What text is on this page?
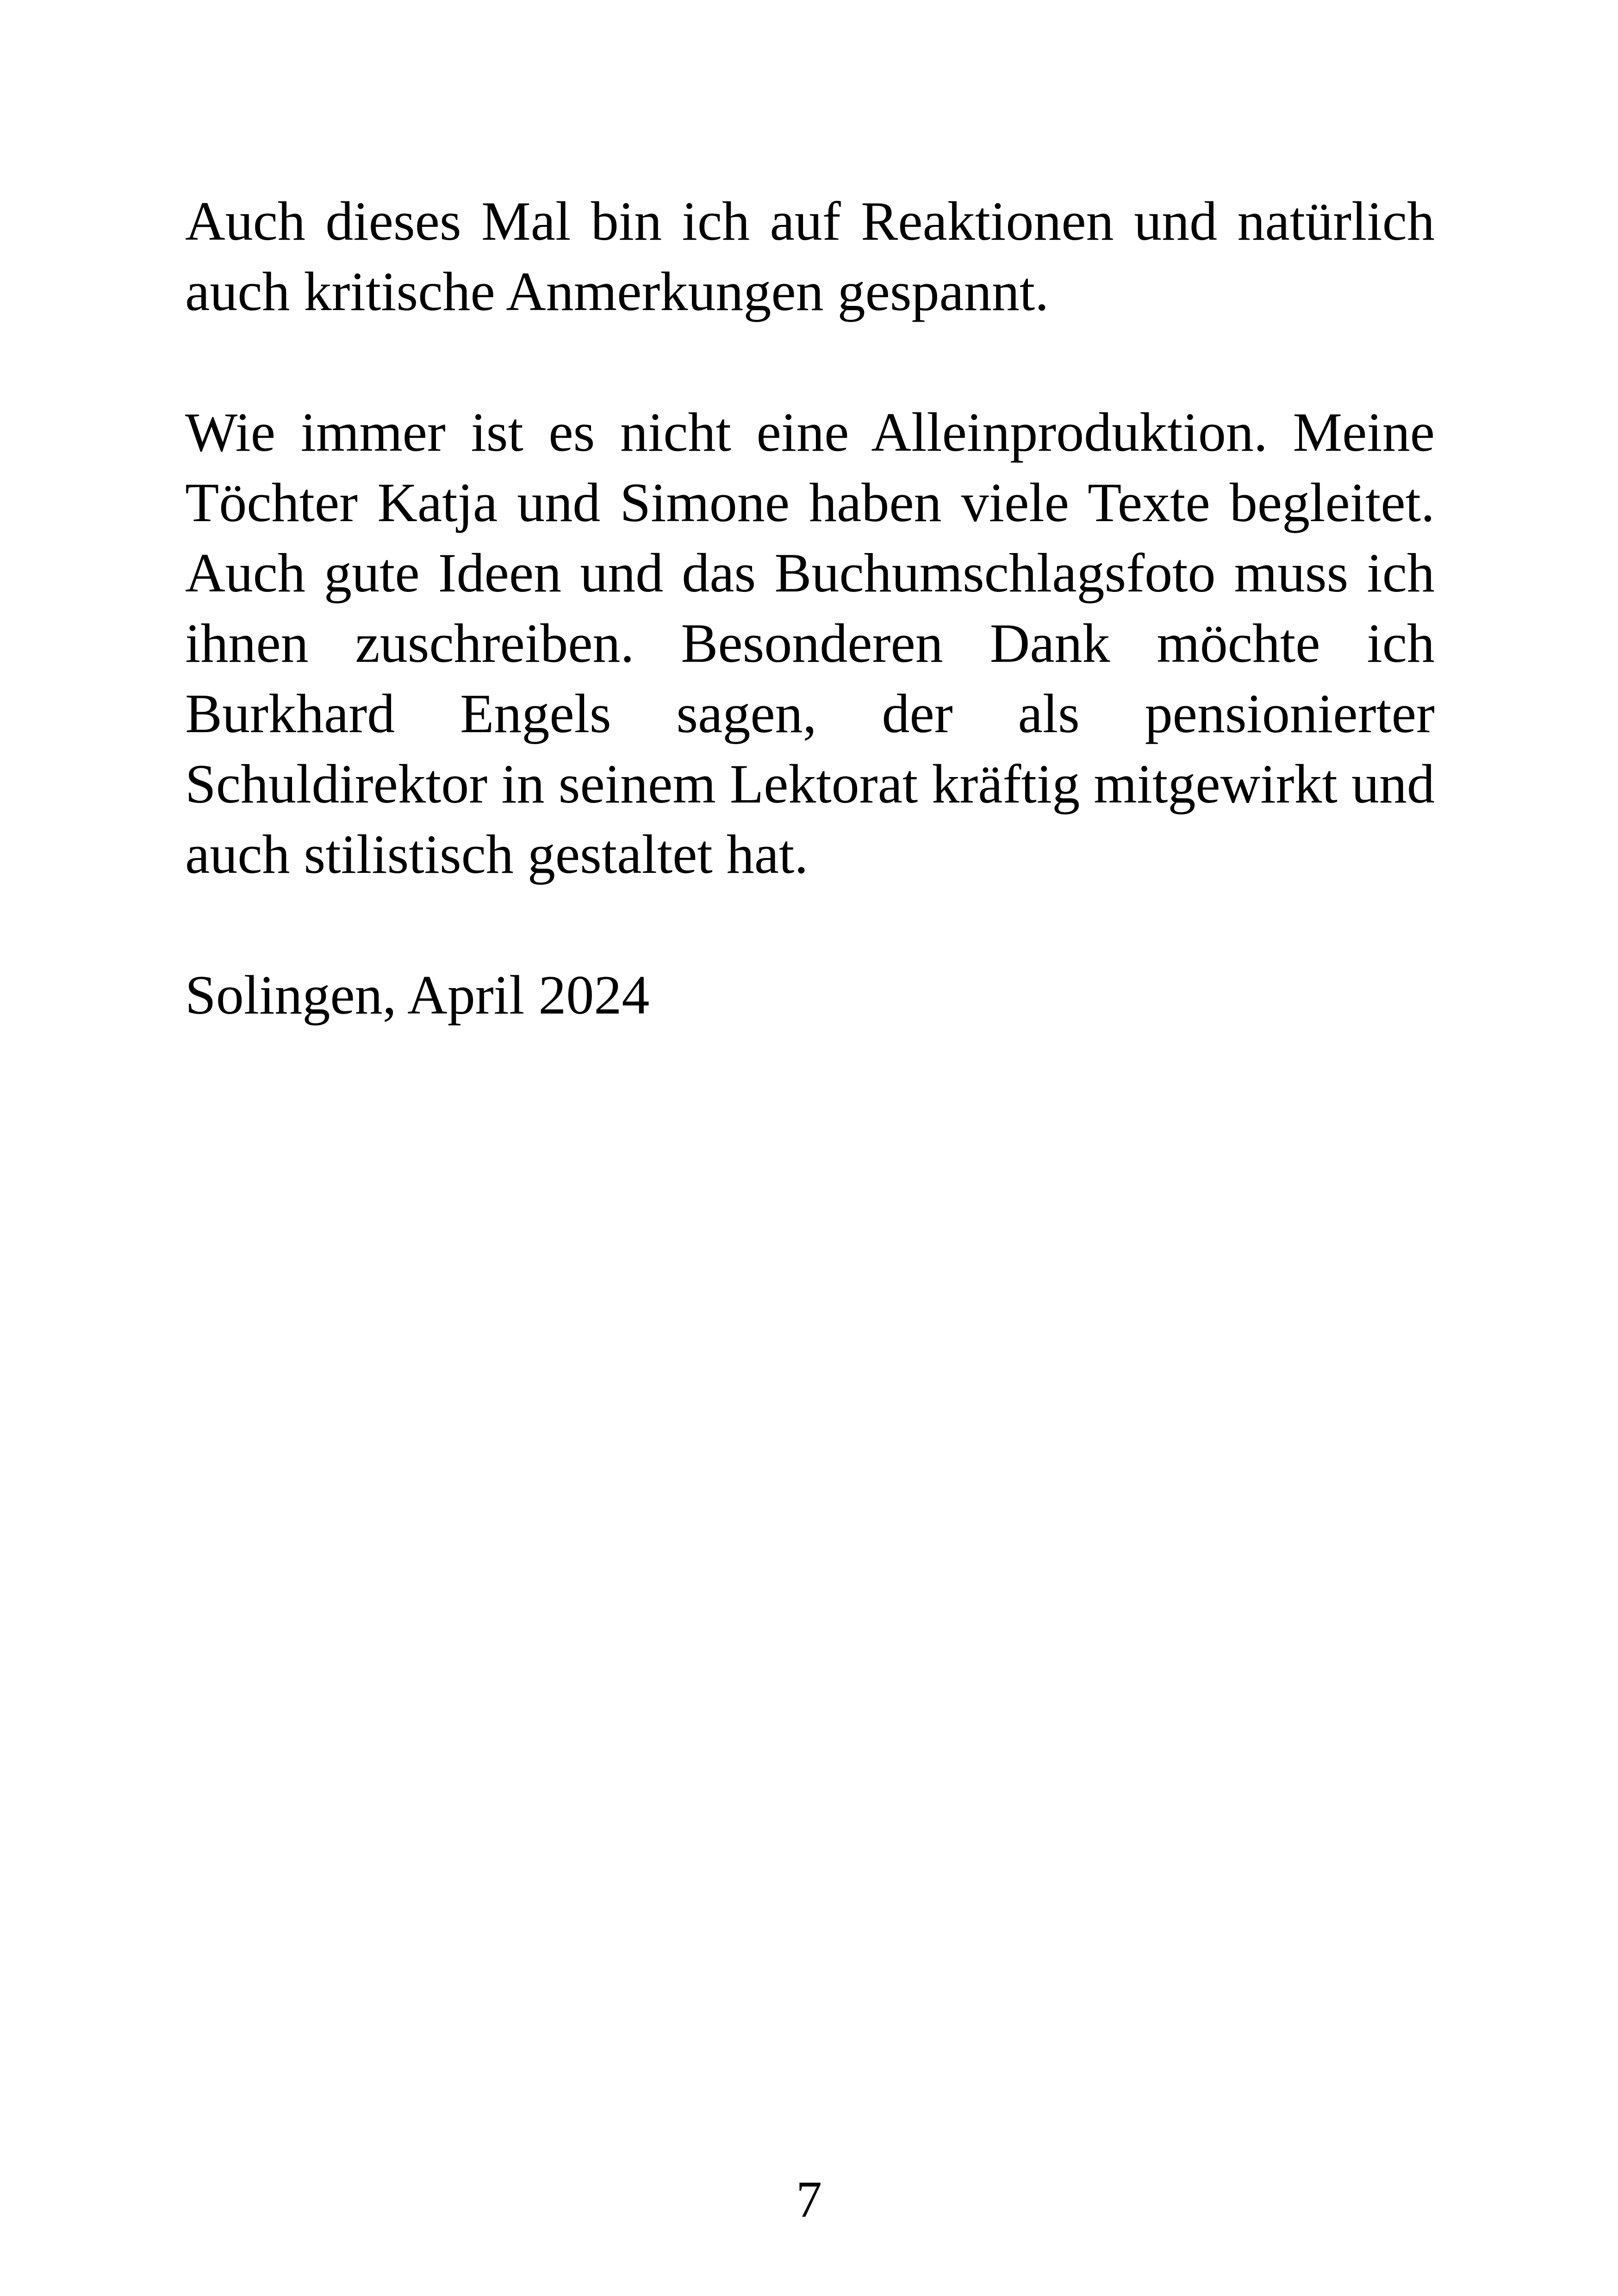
Auch dieses Mal bin ich auf Reaktionen und natürlich auch kritische Anmerkungen gespannt.

Wie immer ist es nicht eine Alleinproduktion. Meine Töchter Katja und Simone haben viele Texte begleitet. Auch gute Ideen und das Buchumschlagsfoto muss ich ihnen zuschreiben. Besonderen Dank möchte ich Burkhard Engels sagen, der als pensionierter Schuldirektor in seinem Lektorat kräftig mitgewirkt und auch stilistisch gestaltet hat.

Solingen, April 2024

7
